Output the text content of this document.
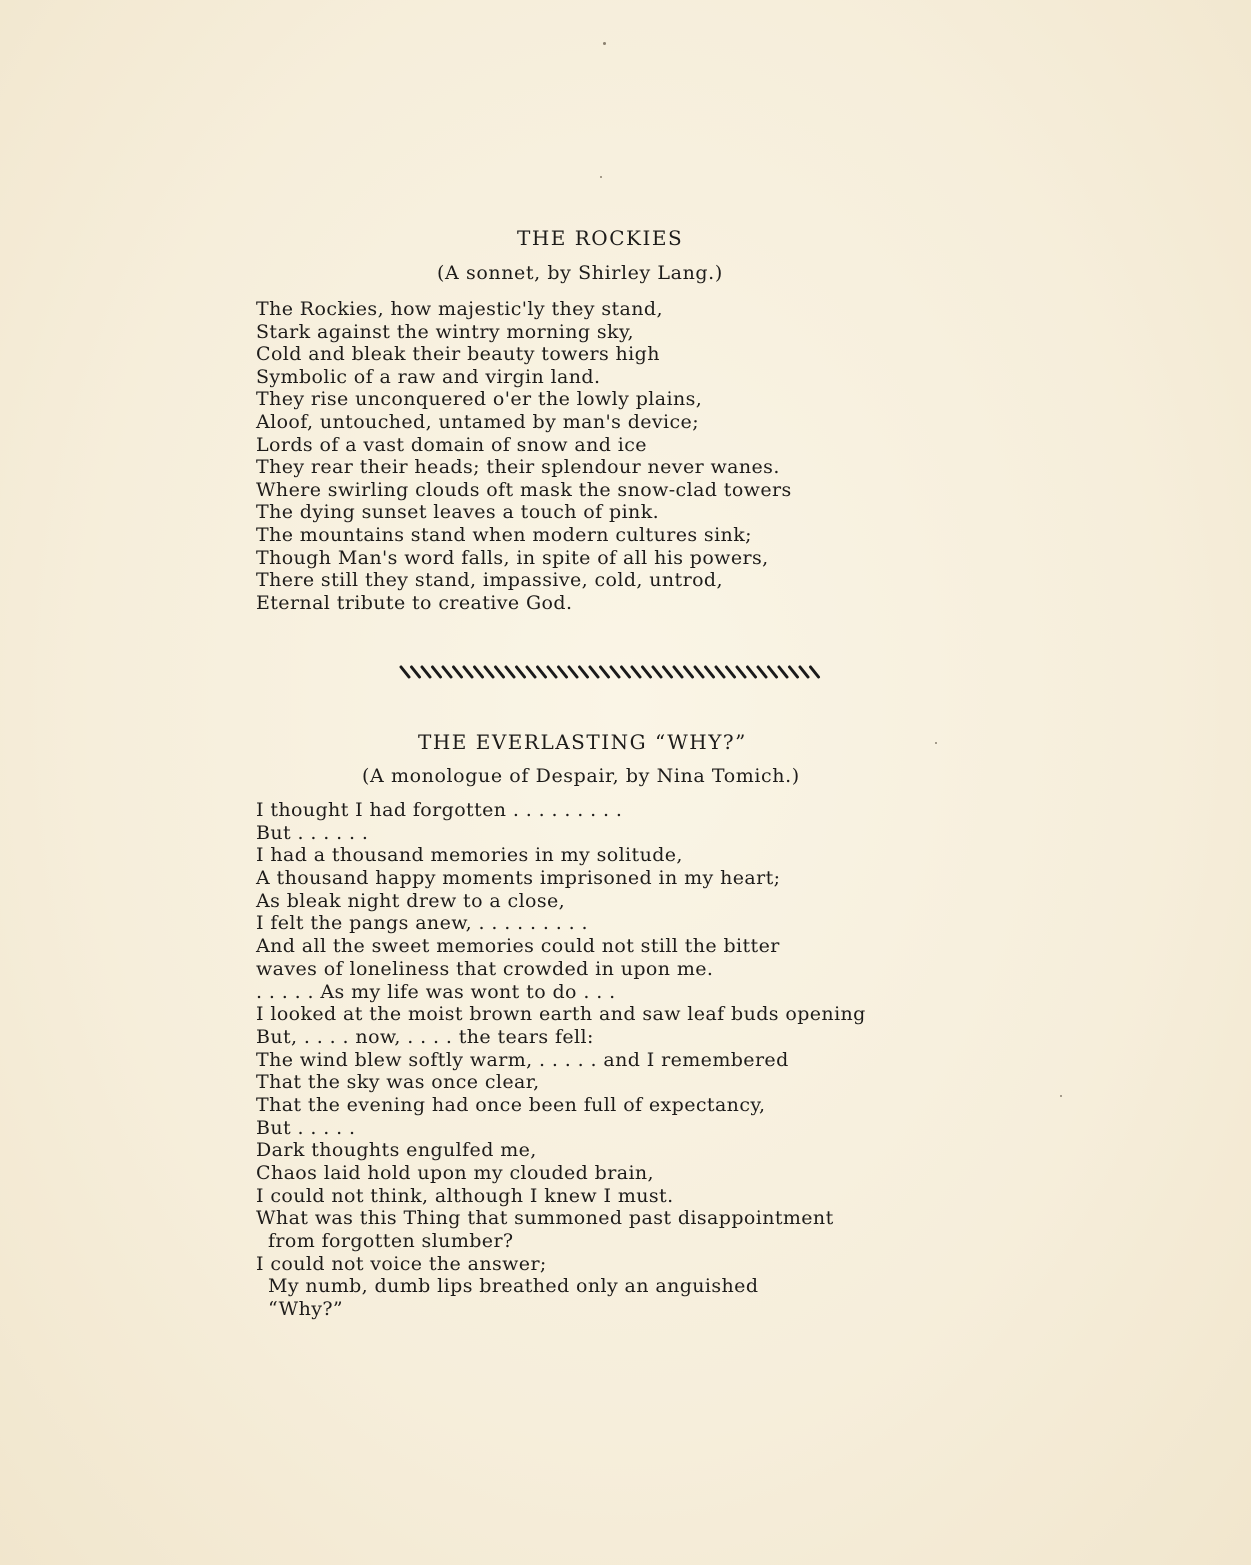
THE ROCKIES
(A sonnet, by Shirley Lang.)
The Rockies, how majestic'ly they stand,
Stark against the wintry morning sky,
Cold and bleak their beauty towers high
Symbolic of a raw and virgin land.
They rise unconquered o'er the lowly plains,
Aloof, untouched, untamed by man's device;
Lords of a vast domain of snow and ice
They rear their heads; their splendour never wanes.
Where swirling clouds oft mask the snow-clad towers
The dying sunset leaves a touch of pink.
The mountains stand when modern cultures sink;
Though Man's word falls, in spite of all his powers,
There still they stand, impassive, cold, untrod,
Eternal tribute to creative God.
THE EVERLASTING “WHY?”
(A monologue of Despair, by Nina Tomich.)
I thought I had forgotten . . . . . . . . .
But . . . . . .
I had a thousand memories in my solitude,
A thousand happy moments imprisoned in my heart;
As bleak night drew to a close,
I felt the pangs anew, . . . . . . . . .
And all the sweet memories could not still the bitter
waves of loneliness that crowded in upon me.
. . . . . As my life was wont to do . . .
I looked at the moist brown earth and saw leaf buds opening
But, . . . . now, . . . . the tears fell:
The wind blew softly warm, . . . . . and I remembered
That the sky was once clear,
That the evening had once been full of expectancy,
But . . . . .
Dark thoughts engulfed me,
Chaos laid hold upon my clouded brain,
I could not think, although I knew I must.
What was this Thing that summoned past disappointment
from forgotten slumber?
I could not voice the answer;
My numb, dumb lips breathed only an anguished
“Why?”
